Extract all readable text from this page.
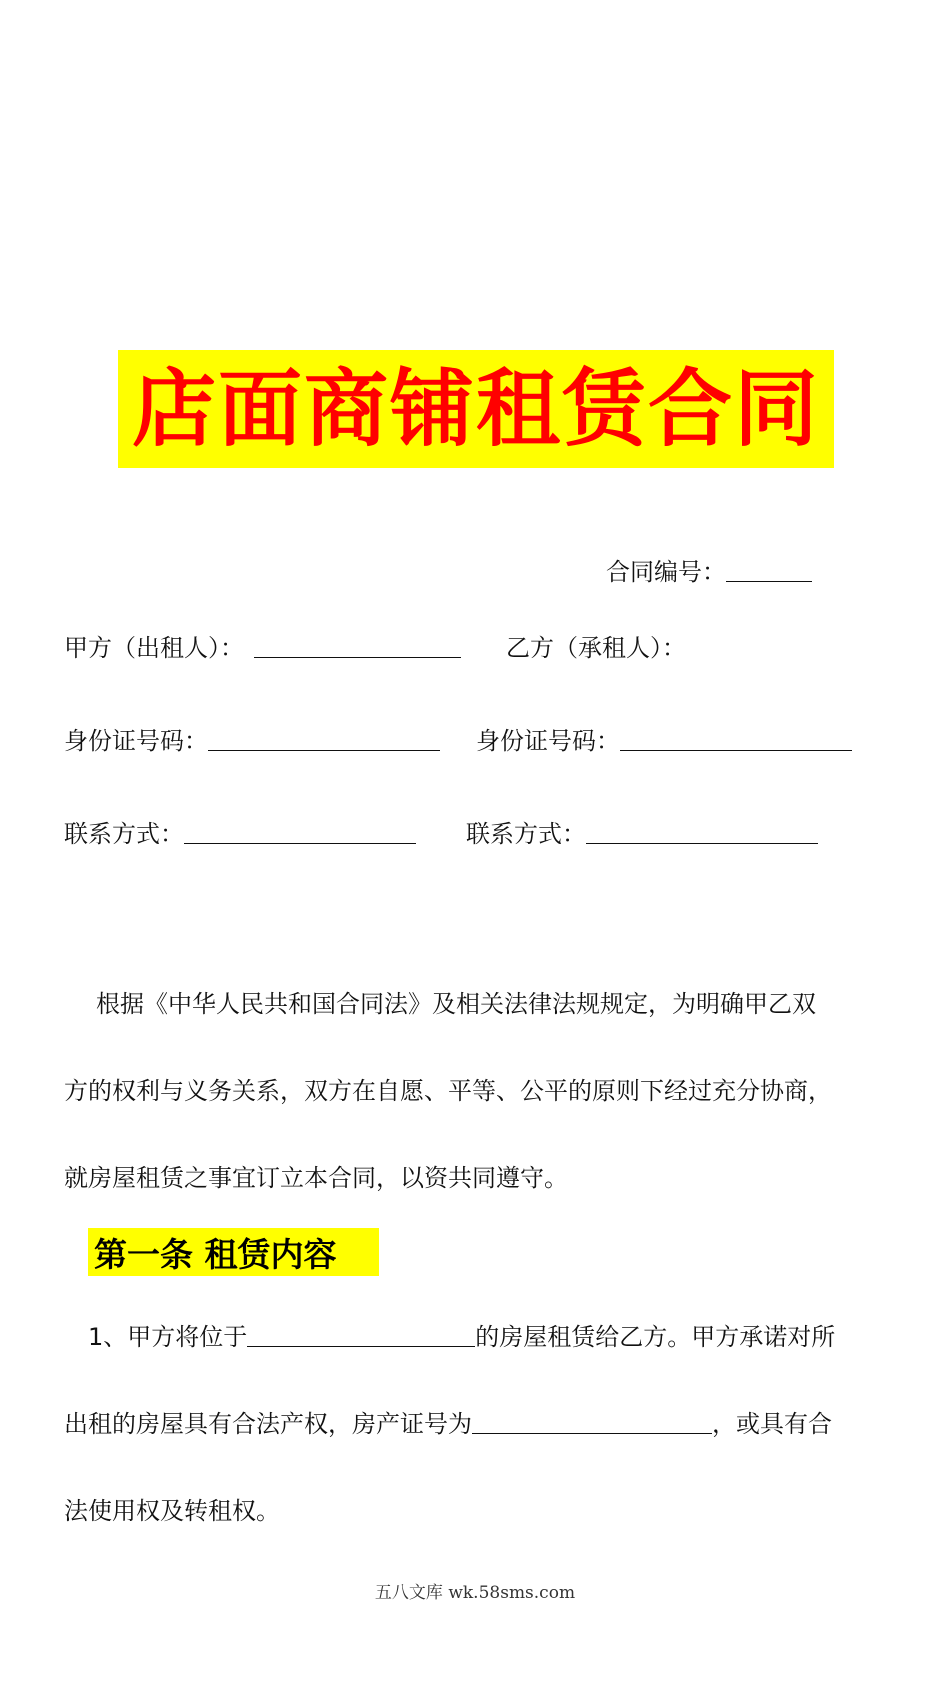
店面商铺租赁合同
合同编号：
甲方（出租人）：	乙方（承租人）：
身份证号码：	身份证号码：
联系方式：	联系方式：
根据《中华人民共和国合同法》及相关法律法规规定，为明确甲乙双
方的权利与义务关系，双方在自愿、平等、公平的原则下经过充分协商，
就房屋租赁之事宜订立本合同，以资共同遵守。
第一条 租赁内容
1、甲方将位于	的房屋租赁给乙方。甲方承诺对所
出租的房屋具有合法产权，房产证号为	，或具有合
法使用权及转租权。
五八文库 wk.58sms.com
